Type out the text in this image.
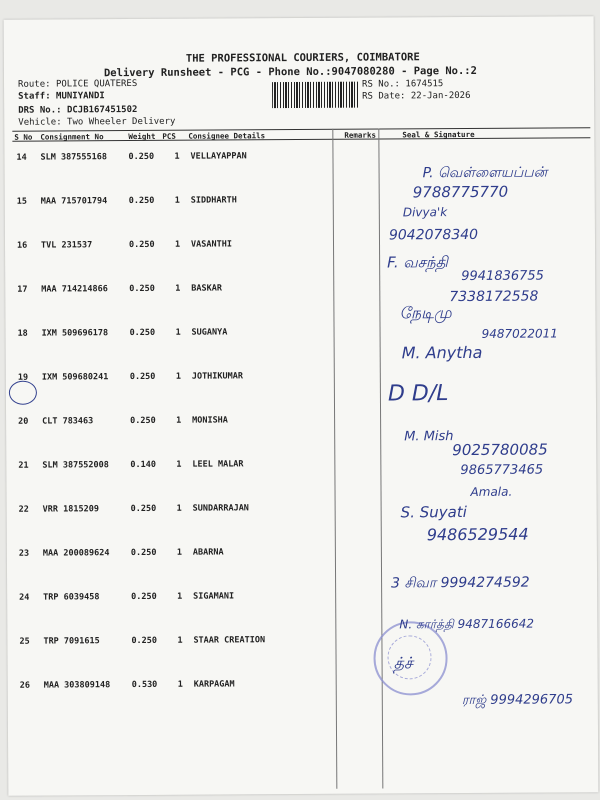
THE PROFESSIONAL COURIERS, COIMBATORE
Delivery Runsheet - PCG - Phone No.:9047080280 - Page No.:2
Route: POLICE QUATERES
Staff: MUNIYANDI
DRS No.: DCJB167451502
Vehicle: Two Wheeler Delivery
RS No.: 1674515
RS Date: 22-Jan-2026
S No Consignment No	Weight PCS Consignee Details	Remarks	Seal & Signature
14 SLM 387555168	0.250 1 VELLAYAPPAN
15 MAA 715701794	0.250 1 SIDDHARTH
16 TVL 231537	0.250 1 VASANTHI
17 MAA 714214866	0.250 1 BASKAR
18 IXM 509696178	0.250 1 SUGANYA
19 IXM 509680241	0.250 1 JOTHIKUMAR
20 CLT 783463	0.250 1 MONISHA
21 SLM 387552008	0.140 1 LEEL MALAR
22 VRR 1815209	0.250 1 SUNDARRAJAN
23 MAA 200089624	0.250 1 ABARNA
24 TRP 6039458	0.250 1 SIGAMANI
25 TRP 7091615	0.250 1 STAAR CREATION
26 MAA 303809148	0.530 1 KARPAGAM
P. வெள்ளையப்பன்
9788775770
Divya'k
9042078340
F. வசந்தி
9941836755
7338172558
நேடிமு
9487022011
M. Anytha
D D/L
M. Mish
9025780085
9865773465
Amala.
S. Suyati
9486529544
3 சிவா 9994274592
N. கார்த்தி 9487166642
த்ச்
ராஜ் 9994296705
